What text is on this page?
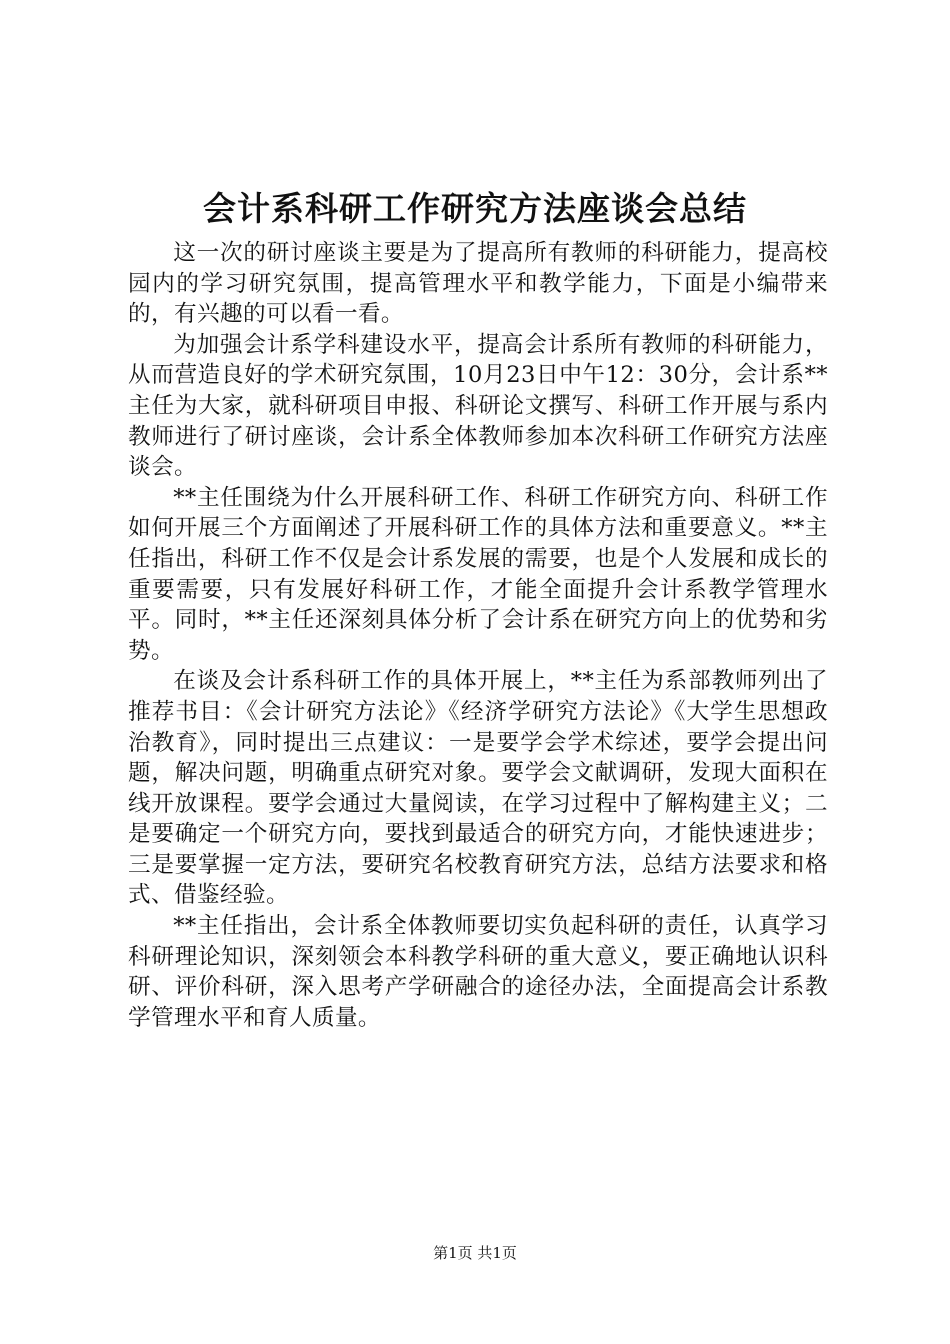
会计系科研工作研究方法座谈会总结

这一次的研讨座谈主要是为了提高所有教师的科研能力，提高校园内的学习研究氛围，提高管理水平和教学能力，下面是小编带来的，有兴趣的可以看一看。

为加强会计系学科建设水平，提高会计系所有教师的科研能力，从而营造良好的学术研究氛围，10月23日中午12：30分，会计系**主任为大家，就科研项目申报、科研论文撰写、科研工作开展与系内教师进行了研讨座谈，会计系全体教师参加本次科研工作研究方法座谈会。

**主任围绕为什么开展科研工作、科研工作研究方向、科研工作如何开展三个方面阐述了开展科研工作的具体方法和重要意义。**主任指出，科研工作不仅是会计系发展的需要，也是个人发展和成长的重要需要，只有发展好科研工作，才能全面提升会计系教学管理水平。同时，**主任还深刻具体分析了会计系在研究方向上的优势和劣势。

在谈及会计系科研工作的具体开展上，**主任为系部教师列出了推荐书目：《会计研究方法论》《经济学研究方法论》《大学生思想政治教育》，同时提出三点建议：一是要学会学术综述，要学会提出问题，解决问题，明确重点研究对象。要学会文献调研，发现大面积在线开放课程。要学会通过大量阅读，在学习过程中了解构建主义；二是要确定一个研究方向，要找到最适合的研究方向，才能快速进步；三是要掌握一定方法，要研究名校教育研究方法，总结方法要求和格式、借鉴经验。

**主任指出，会计系全体教师要切实负起科研的责任，认真学习科研理论知识，深刻领会本科教学科研的重大意义，要正确地认识科研、评价科研，深入思考产学研融合的途径办法，全面提高会计系教学管理水平和育人质量。

第1页 共1页
